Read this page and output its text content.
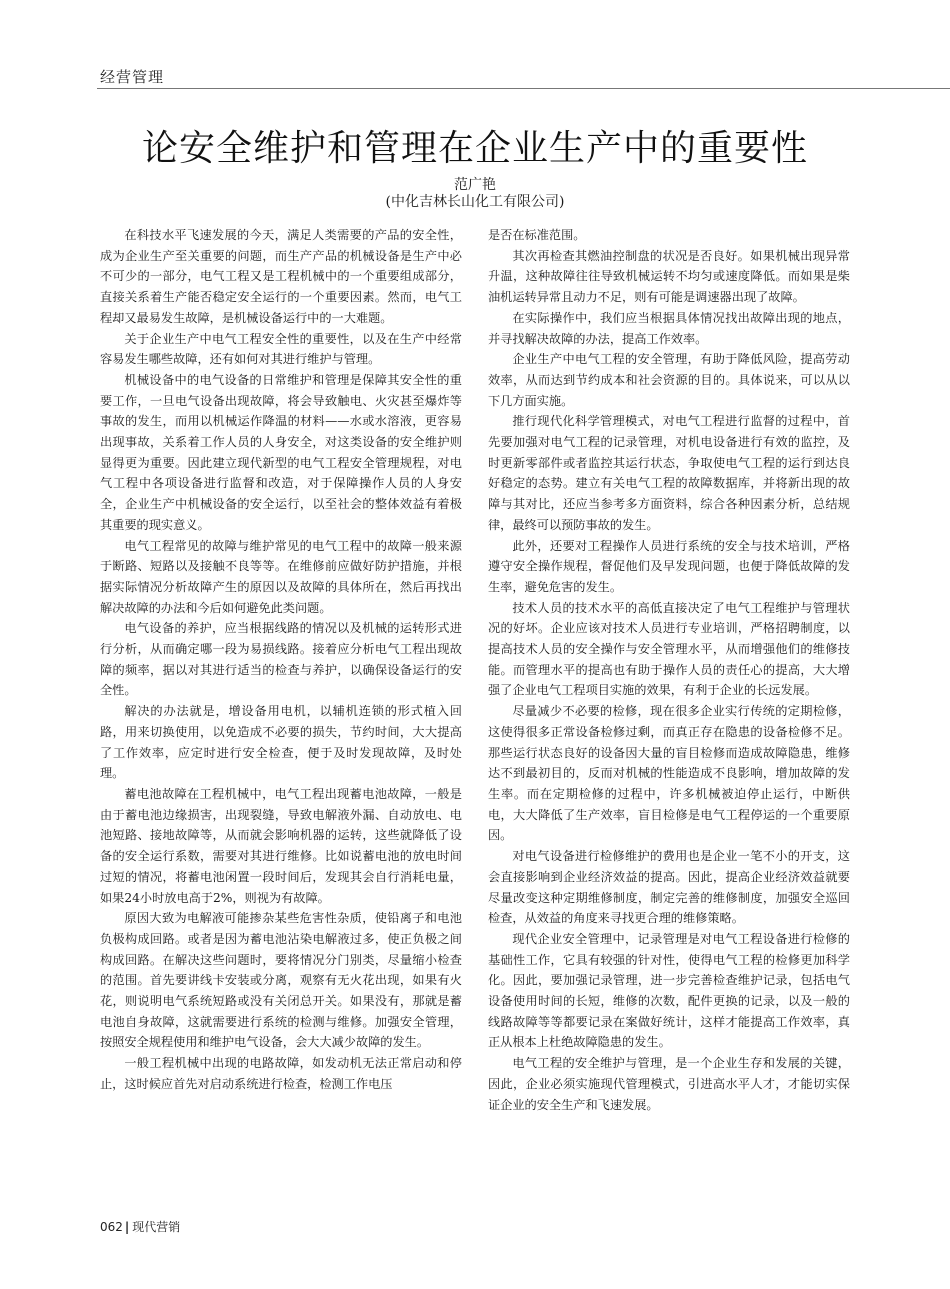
经营管理
论安全维护和管理在企业生产中的重要性
范广艳
(中化吉林长山化工有限公司)

在科技水平飞速发展的今天，满足人类需要的产品的安全性，成为企业生产至关重要的问题，而生产产品的机械设备是生产中必不可少的一部分，电气工程又是工程机械中的一个重要组成部分，直接关系着生产能否稳定安全运行的一个重要因素。然而，电气工程却又最易发生故障，是机械设备运行中的一大难题。

关于企业生产中电气工程安全性的重要性，以及在生产中经常容易发生哪些故障，还有如何对其进行维护与管理。

机械设备中的电气设备的日常维护和管理是保障其安全性的重要工作，一旦电气设备出现故障，将会导致触电、火灾甚至爆炸等事故的发生，而用以机械运作降温的材料——水或水溶液，更容易出现事故，关系着工作人员的人身安全，对这类设备的安全维护则显得更为重要。因此建立现代新型的电气工程安全管理规程，对电气工程中各项设备进行监督和改造，对于保障操作人员的人身安全，企业生产中机械设备的安全运行，以至社会的整体效益有着极其重要的现实意义。

电气工程常见的故障与维护常见的电气工程中的故障一般来源于断路、短路以及接触不良等等。在维修前应做好防护措施，并根据实际情况分析故障产生的原因以及故障的具体所在，然后再找出解决故障的办法和今后如何避免此类问题。

电气设备的养护，应当根据线路的情况以及机械的运转形式进行分析，从而确定哪一段为易损线路。接着应分析电气工程出现故障的频率，据以对其进行适当的检查与养护，以确保设备运行的安全性。

解决的办法就是，增设备用电机，以辅机连锁的形式植入回路，用来切换使用，以免造成不必要的损失，节约时间，大大提高了工作效率，应定时进行安全检查，便于及时发现故障，及时处理。

蓄电池故障在工程机械中，电气工程出现蓄电池故障，一般是由于蓄电池边缘损害，出现裂缝，导致电解液外漏、自动放电、电池短路、接地故障等，从而就会影响机器的运转，这些就降低了设备的安全运行系数，需要对其进行维修。比如说蓄电池的放电时间过短的情况，将蓄电池闲置一段时间后，发现其会自行消耗电量，如果24小时放电高于2%，则视为有故障。

原因大致为电解液可能掺杂某些危害性杂质，使铅离子和电池负极构成回路。或者是因为蓄电池沾染电解液过多，使正负极之间构成回路。在解决这些问题时，要将情况分门别类，尽量缩小检查的范围。首先要讲线卡安装或分离，观察有无火花出现，如果有火花，则说明电气系统短路或没有关闭总开关。如果没有，那就是蓄电池自身故障，这就需要进行系统的检测与维修。加强安全管理，按照安全规程使用和维护电气设备，会大大减少故障的发生。

一般工程机械中出现的电路故障，如发动机无法正常启动和停止，这时候应首先对启动系统进行检查，检测工作电压

是否在标准范围。

其次再检查其燃油控制盘的状况是否良好。如果机械出现异常升温，这种故障往往导致机械运转不均匀或速度降低。而如果是柴油机运转异常且动力不足，则有可能是调速器出现了故障。

在实际操作中，我们应当根据具体情况找出故障出现的地点，并寻找解决故障的办法，提高工作效率。

企业生产中电气工程的安全管理，有助于降低风险，提高劳动效率，从而达到节约成本和社会资源的目的。具体说来，可以从以下几方面实施。

推行现代化科学管理模式，对电气工程进行监督的过程中，首先要加强对电气工程的记录管理，对机电设备进行有效的监控，及时更新零部件或者监控其运行状态，争取使电气工程的运行到达良好稳定的态势。建立有关电气工程的故障数据库，并将新出现的故障与其对比，还应当参考多方面资料，综合各种因素分析，总结规律，最终可以预防事故的发生。

此外，还要对工程操作人员进行系统的安全与技术培训，严格遵守安全操作规程，督促他们及早发现问题，也便于降低故障的发生率，避免危害的发生。

技术人员的技术水平的高低直接决定了电气工程维护与管理状况的好坏。企业应该对技术人员进行专业培训，严格招聘制度，以提高技术人员的安全操作与安全管理水平，从而增强他们的维修技能。而管理水平的提高也有助于操作人员的责任心的提高，大大增强了企业电气工程项目实施的效果，有利于企业的长远发展。

尽量减少不必要的检修，现在很多企业实行传统的定期检修，这使得很多正常设备检修过剩，而真正存在隐患的设备检修不足。那些运行状态良好的设备因大量的盲目检修而造成故障隐患，维修达不到最初目的，反而对机械的性能造成不良影响，增加故障的发生率。而在定期检修的过程中，许多机械被迫停止运行，中断供电，大大降低了生产效率，盲目检修是电气工程停运的一个重要原因。

对电气设备进行检修维护的费用也是企业一笔不小的开支，这会直接影响到企业经济效益的提高。因此，提高企业经济效益就要尽量改变这种定期维修制度，制定完善的维修制度，加强安全巡回检查，从效益的角度来寻找更合理的维修策略。

现代企业安全管理中，记录管理是对电气工程设备进行检修的基础性工作，它具有较强的针对性，使得电气工程的检修更加科学化。因此，要加强记录管理，进一步完善检查维护记录，包括电气设备使用时间的长短，维修的次数，配件更换的记录，以及一般的线路故障等等都要记录在案做好统计，这样才能提高工作效率，真正从根本上杜绝故障隐患的发生。

电气工程的安全维护与管理，是一个企业生存和发展的关键，因此，企业必须实施现代管理模式，引进高水平人才，才能切实保证企业的安全生产和飞速发展。

062 | 现代营销
